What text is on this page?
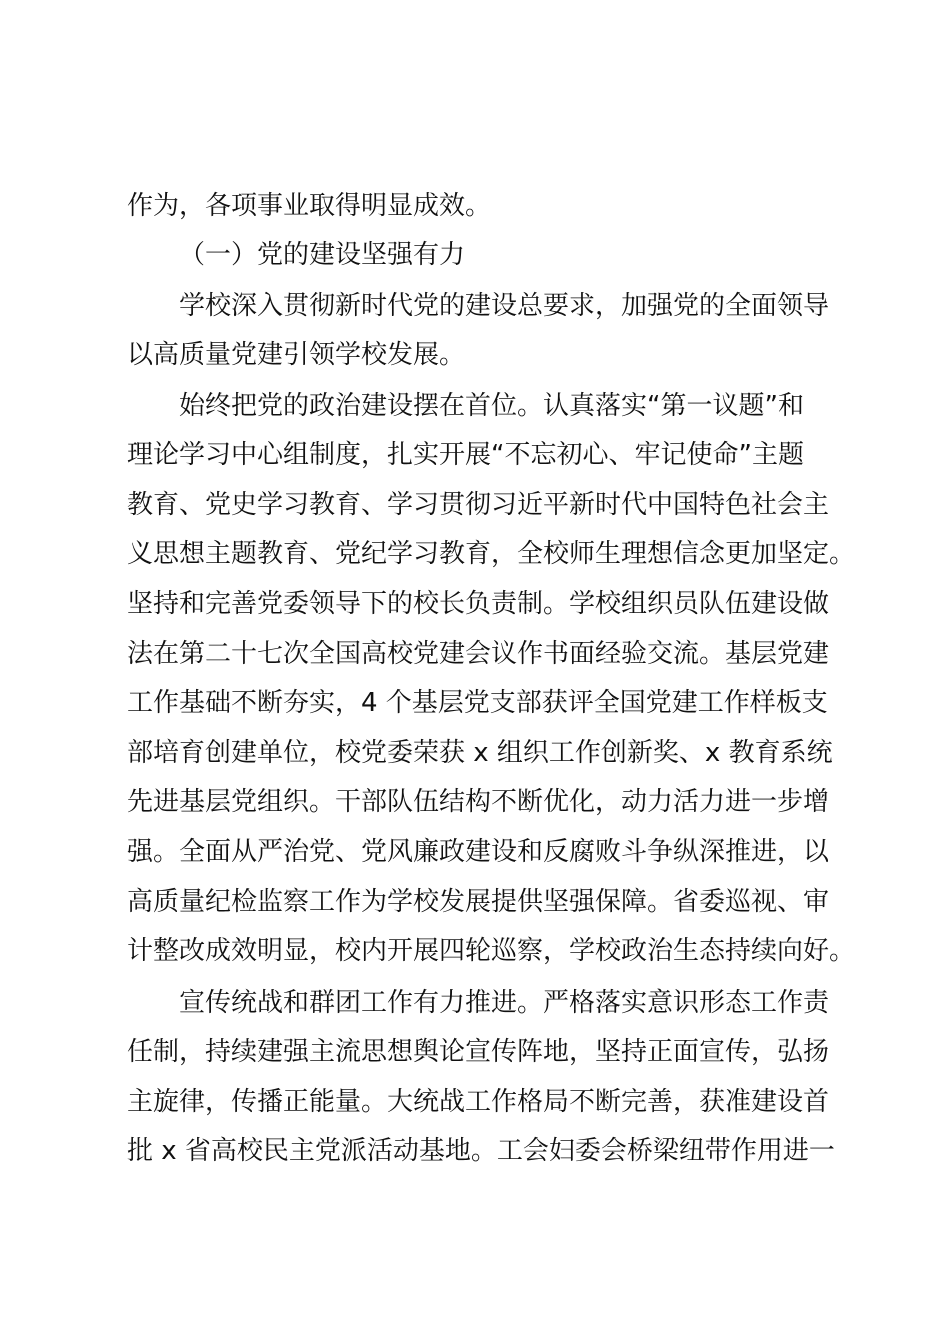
作为，各项事业取得明显成效。
（一）党的建设坚强有力
学校深入贯彻新时代党的建设总要求，加强党的全面领导
以高质量党建引领学校发展。
始终把党的政治建设摆在首位。认真落实“第一议题”和
理论学习中心组制度，扎实开展“不忘初心、牢记使命”主题
教育、党史学习教育、学习贯彻习近平新时代中国特色社会主
义思想主题教育、党纪学习教育，全校师生理想信念更加坚定。
坚持和完善党委领导下的校长负责制。学校组织员队伍建设做
法在第二十七次全国高校党建会议作书面经验交流。基层党建
工作基础不断夯实，4 个基层党支部获评全国党建工作样板支
部培育创建单位，校党委荣获 x 组织工作创新奖、x 教育系统
先进基层党组织。干部队伍结构不断优化，动力活力进一步增
强。全面从严治党、党风廉政建设和反腐败斗争纵深推进，以
高质量纪检监察工作为学校发展提供坚强保障。省委巡视、审
计整改成效明显，校内开展四轮巡察，学校政治生态持续向好。
宣传统战和群团工作有力推进。严格落实意识形态工作责
任制，持续建强主流思想舆论宣传阵地，坚持正面宣传，弘扬
主旋律，传播正能量。大统战工作格局不断完善，获准建设首
批 x 省高校民主党派活动基地。工会妇委会桥梁纽带作用进一
